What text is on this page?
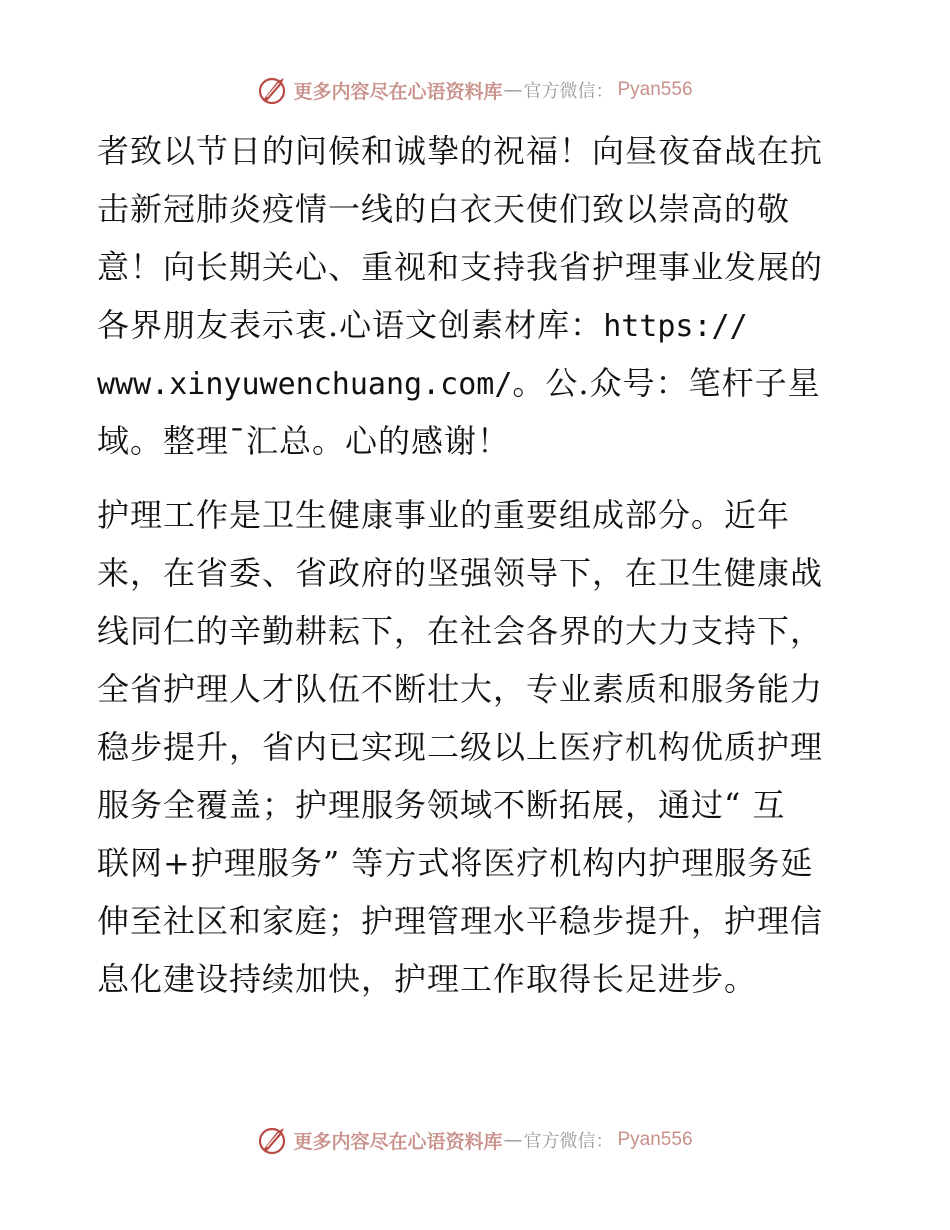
更多内容尽在心语资料库 — 官方微信： Pyan556
者致以节日的问候和诚挚的祝福！向昼夜奋战在抗
击新冠肺炎疫情一线的白衣天使们致以崇高的敬
意！向长期关心、重视和支持我省护理事业发展的
各界朋友表示衷.心语文创素材库：https://
www.xinyuwenchuang.com/。公.众号：笔杆子星
域。整理¯汇总。心的感谢！
护理工作是卫生健康事业的重要组成部分。近年
来，在省委、省政府的坚强领导下，在卫生健康战
线同仁的辛勤耕耘下，在社会各界的大力支持下，
全省护理人才队伍不断壮大，专业素质和服务能力
稳步提升，省内已实现二级以上医疗机构优质护理
服务全覆盖；护理服务领域不断拓展，通过“ 互
联网+护理服务” 等方式将医疗机构内护理服务延
伸至社区和家庭；护理管理水平稳步提升，护理信
息化建设持续加快，护理工作取得长足进步。
更多内容尽在心语资料库 — 官方微信： Pyan556
